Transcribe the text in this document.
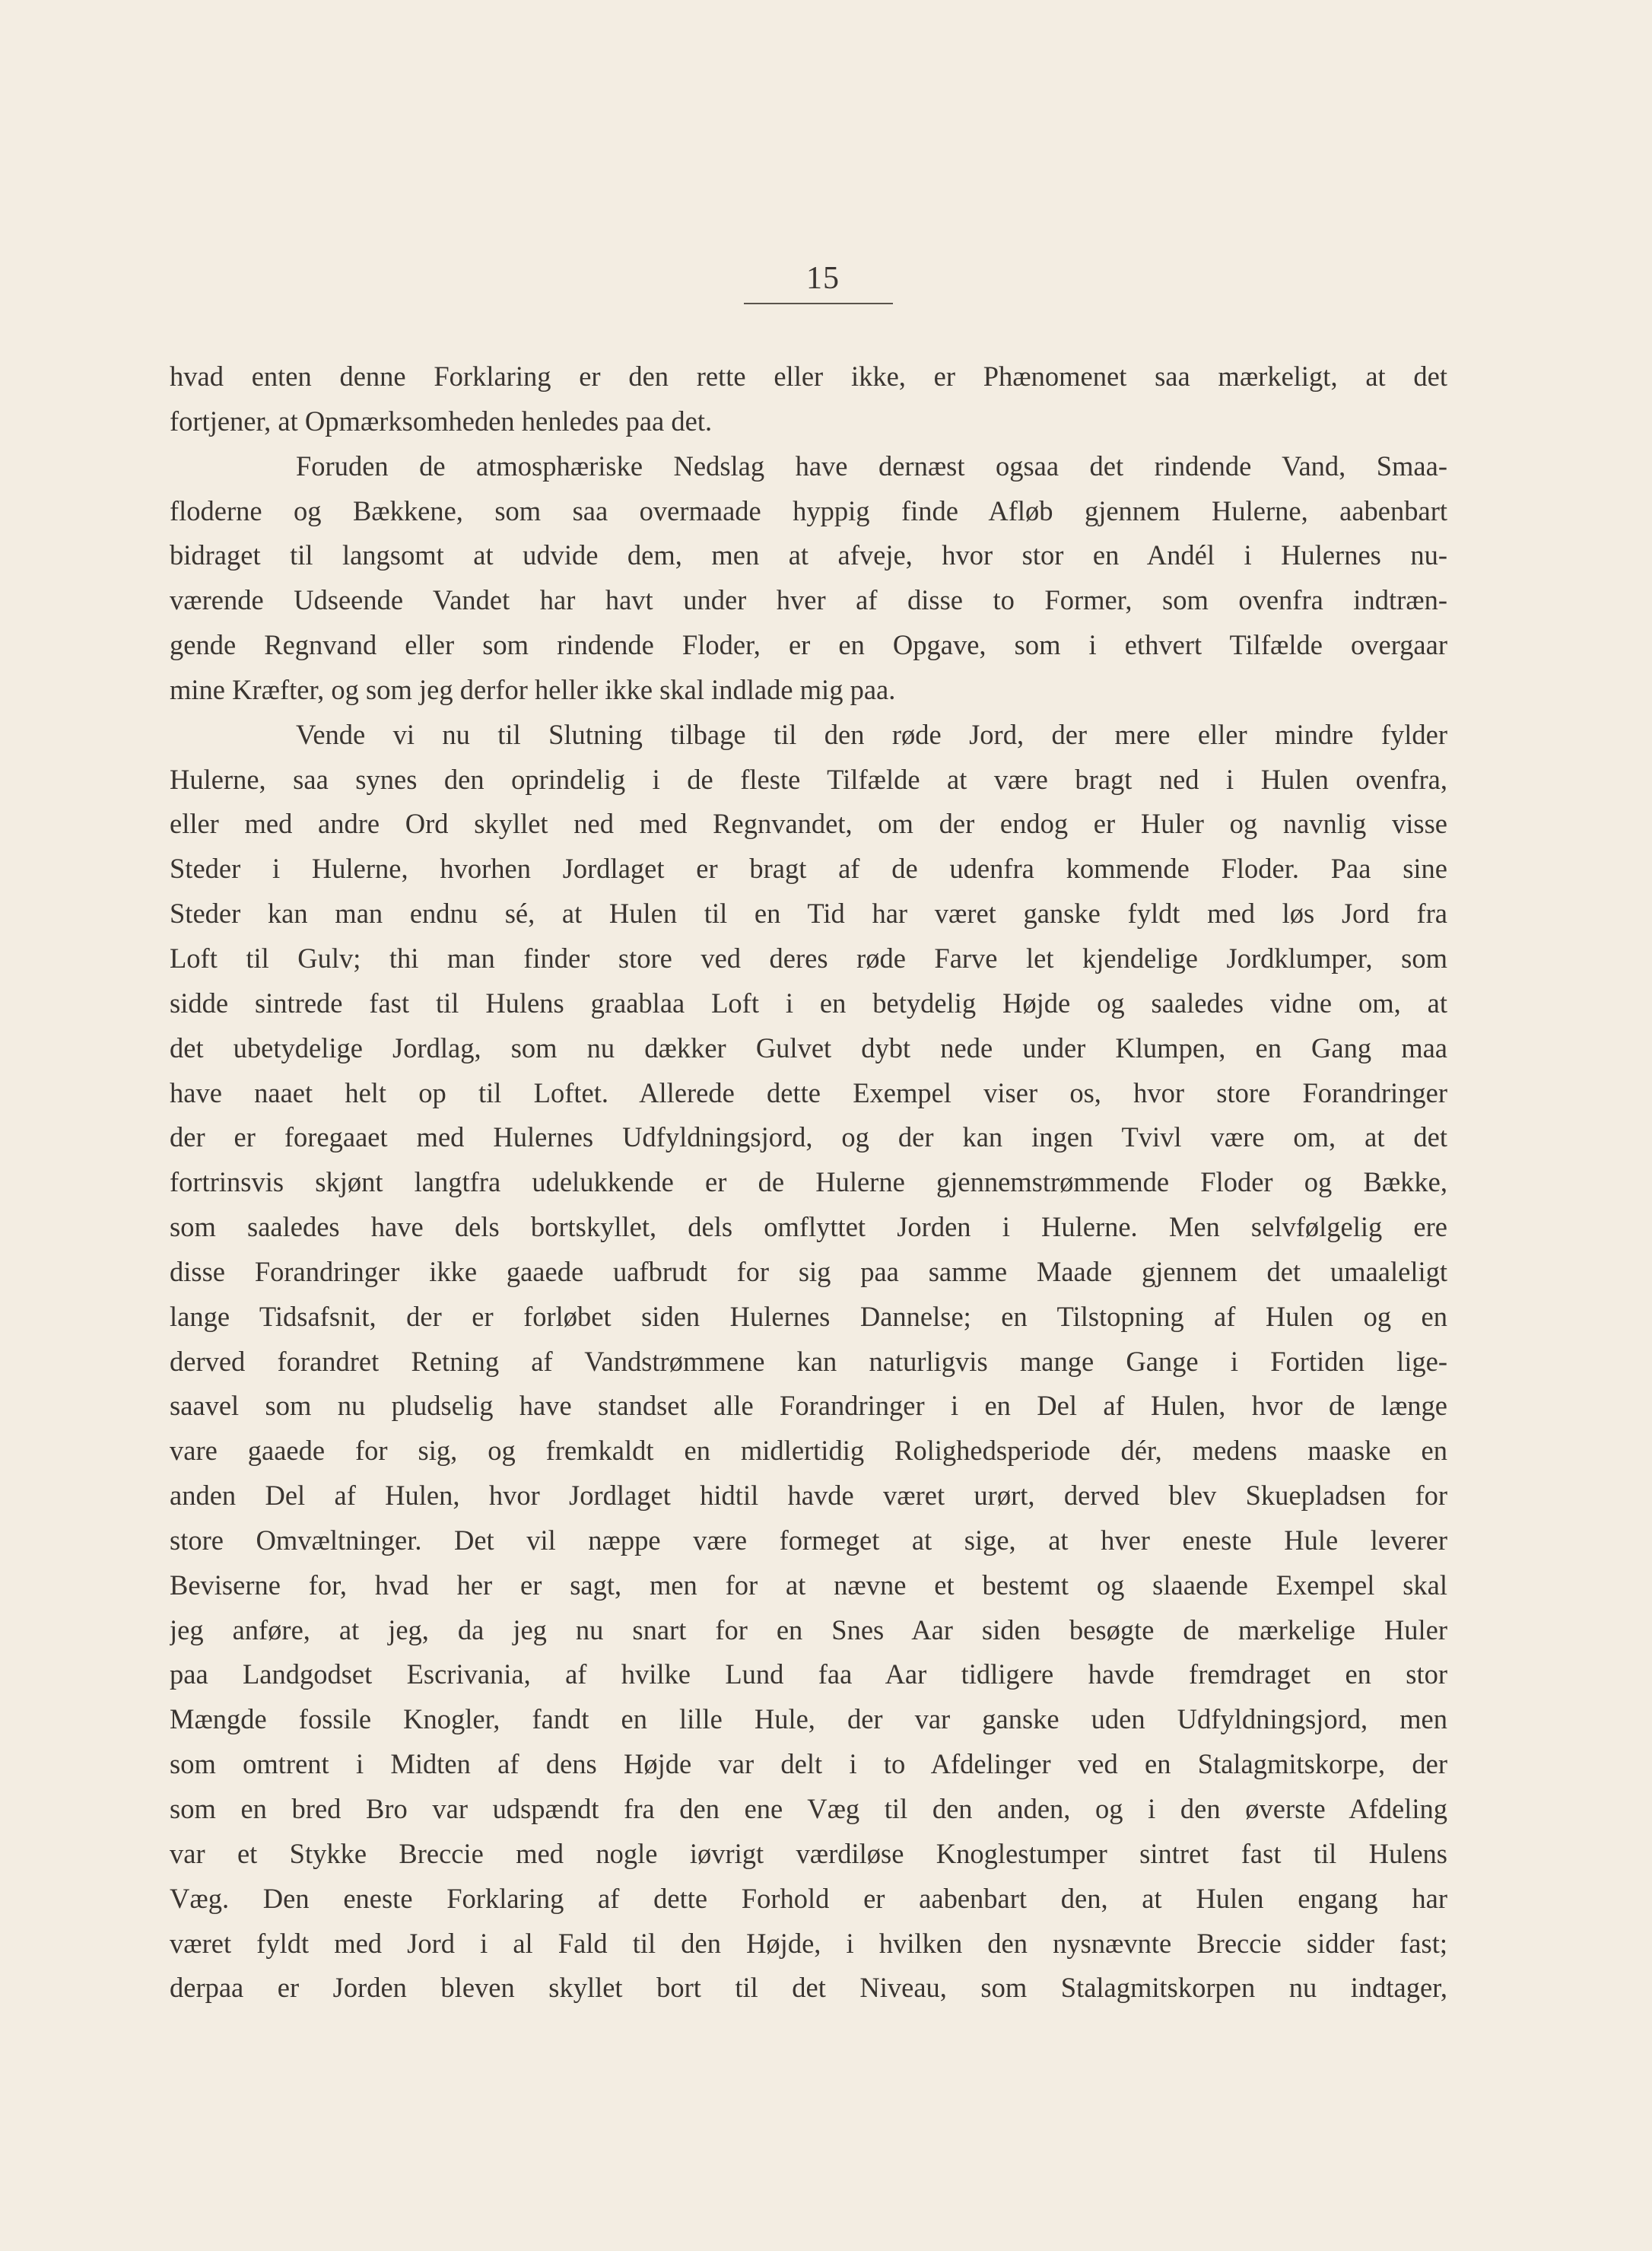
15
hvad enten denne Forklaring er den rette eller ikke, er Phænomenet saa mærkeligt, at det
fortjener, at Opmærksomheden henledes paa det.
Foruden de atmosphæriske Nedslag have dernæst ogsaa det rindende Vand, Smaa-
floderne og Bækkene, som saa overmaade hyppig finde Afløb gjennem Hulerne, aabenbart
bidraget til langsomt at udvide dem, men at afveje, hvor stor en Andél i Hulernes nu-
værende Udseende Vandet har havt under hver af disse to Former, som ovenfra indtræn-
gende Regnvand eller som rindende Floder, er en Opgave, som i ethvert Tilfælde overgaar
mine Kræfter, og som jeg derfor heller ikke skal indlade mig paa.
Vende vi nu til Slutning tilbage til den røde Jord, der mere eller mindre fylder
Hulerne, saa synes den oprindelig i de fleste Tilfælde at være bragt ned i Hulen ovenfra,
eller med andre Ord skyllet ned med Regnvandet, om der endog er Huler og navnlig visse
Steder i Hulerne, hvorhen Jordlaget er bragt af de udenfra kommende Floder. Paa sine
Steder kan man endnu sé, at Hulen til en Tid har været ganske fyldt med løs Jord fra
Loft til Gulv; thi man finder store ved deres røde Farve let kjendelige Jordklumper, som
sidde sintrede fast til Hulens graablaa Loft i en betydelig Højde og saaledes vidne om, at
det ubetydelige Jordlag, som nu dækker Gulvet dybt nede under Klumpen, en Gang maa
have naaet helt op til Loftet. Allerede dette Exempel viser os, hvor store Forandringer
der er foregaaet med Hulernes Udfyldningsjord, og der kan ingen Tvivl være om, at det
fortrinsvis skjønt langtfra udelukkende er de Hulerne gjennemstrømmende Floder og Bække,
som saaledes have dels bortskyllet, dels omflyttet Jorden i Hulerne. Men selvfølgelig ere
disse Forandringer ikke gaaede uafbrudt for sig paa samme Maade gjennem det umaaleligt
lange Tidsafsnit, der er forløbet siden Hulernes Dannelse; en Tilstopning af Hulen og en
derved forandret Retning af Vandstrømmene kan naturligvis mange Gange i Fortiden lige-
saavel som nu pludselig have standset alle Forandringer i en Del af Hulen, hvor de længe
vare gaaede for sig, og fremkaldt en midlertidig Rolighedsperiode dér, medens maaske en
anden Del af Hulen, hvor Jordlaget hidtil havde været urørt, derved blev Skuepladsen for
store Omvæltninger. Det vil næppe være formeget at sige, at hver eneste Hule leverer
Beviserne for, hvad her er sagt, men for at nævne et bestemt og slaaende Exempel skal
jeg anføre, at jeg, da jeg nu snart for en Snes Aar siden besøgte de mærkelige Huler
paa Landgodset Escrivania, af hvilke Lund faa Aar tidligere havde fremdraget en stor
Mængde fossile Knogler, fandt en lille Hule, der var ganske uden Udfyldningsjord, men
som omtrent i Midten af dens Højde var delt i to Afdelinger ved en Stalagmitskorpe, der
som en bred Bro var udspændt fra den ene Væg til den anden, og i den øverste Afdeling
var et Stykke Breccie med nogle iøvrigt værdiløse Knoglestumper sintret fast til Hulens
Væg. Den eneste Forklaring af dette Forhold er aabenbart den, at Hulen engang har
været fyldt med Jord i al Fald til den Højde, i hvilken den nysnævnte Breccie sidder fast;
derpaa er Jorden bleven skyllet bort til det Niveau, som Stalagmitskorpen nu indtager,
